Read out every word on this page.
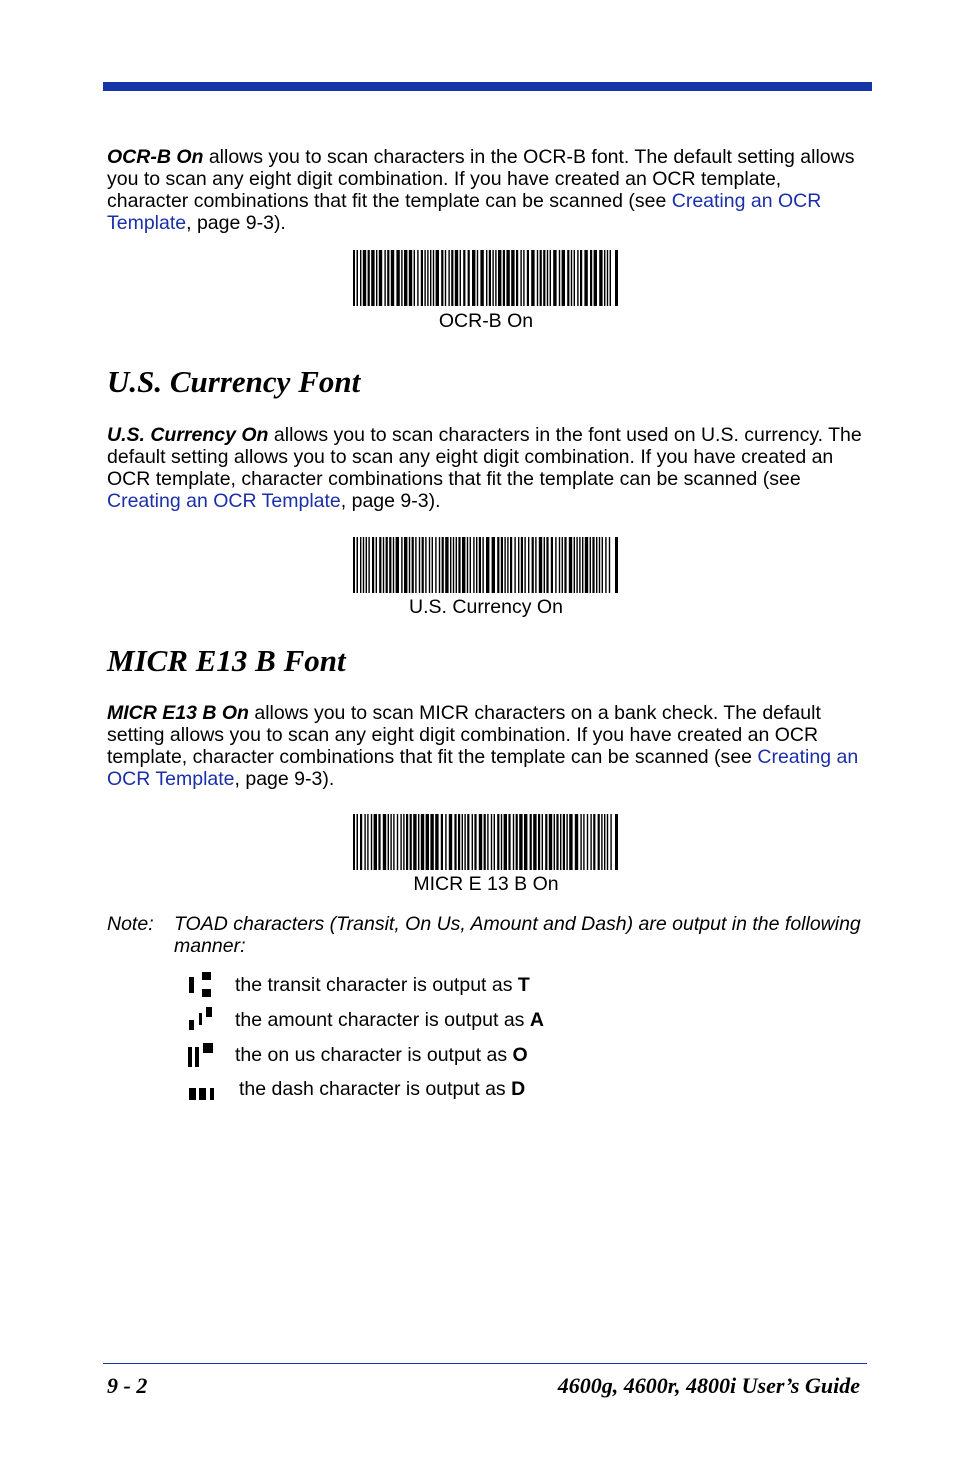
OCR-B On allows you to scan characters in the OCR-B font. The default setting allows you to scan any eight digit combination. If you have created an OCR template, character combinations that fit the template can be scanned (see Creating an OCR Template, page 9-3).

OCR-B On
U.S. Currency Font

U.S. Currency On allows you to scan characters in the font used on U.S. currency. The default setting allows you to scan any eight digit combination. If you have created an OCR template, character combinations that fit the template can be scanned (see Creating an OCR Template, page 9-3).

U.S. Currency On
MICR E13 B Font

MICR E13 B On allows you to scan MICR characters on a bank check. The default setting allows you to scan any eight digit combination. If you have created an OCR template, character combinations that fit the template can be scanned (see Creating an OCR Template, page 9-3).

MICR E 13 B On
Note: TOAD characters (Transit, On Us, Amount and Dash) are output in the following manner:

the transit character is output as T
the amount character is output as A
the on us character is output as O
the dash character is output as D
9 - 2	4600g, 4600r, 4800i User’s Guide
